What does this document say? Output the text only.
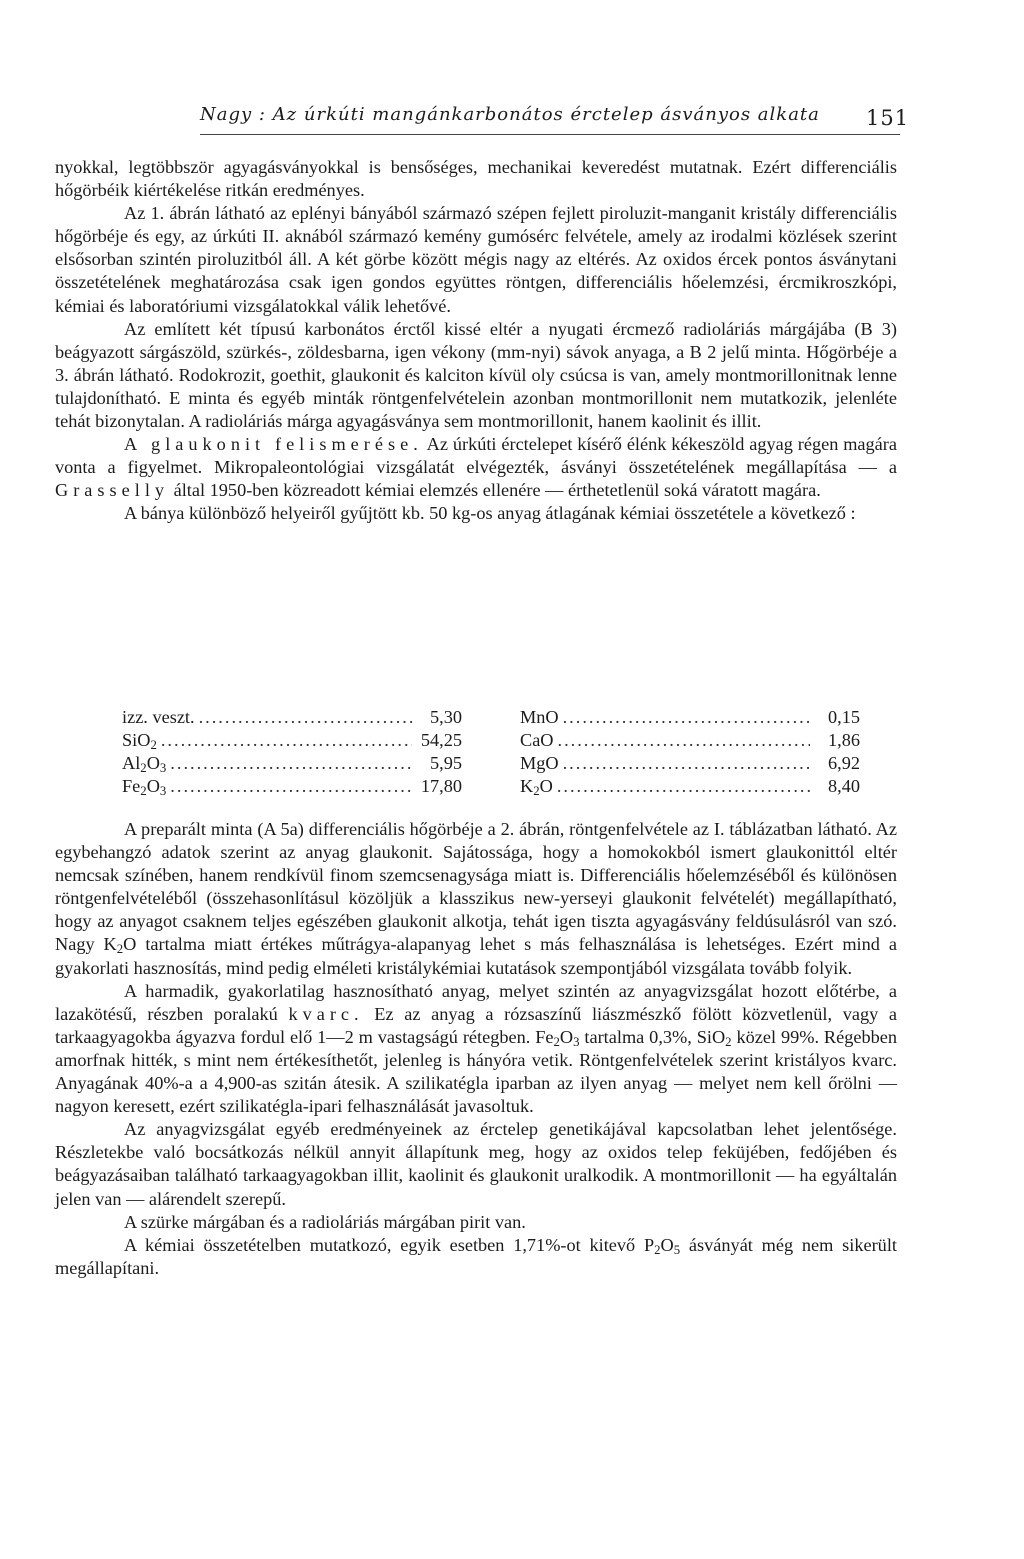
Nagy : Az úrkúti mangánkarbonátos érctelep ásványos alkata	151

nyokkal, legtöbbször agyagásványokkal is bensőséges, mechanikai keveredést mutatnak. Ezért differenciális hőgörbéik kiértékelése ritkán eredményes.

Az 1. ábrán látható az eplényi bányából származó szépen fejlett piroluzit-manganit kristály differenciális hőgörbéje és egy, az úrkúti II. aknából származó kemény gumósérc felvétele, amely az irodalmi közlések szerint elsősorban szintén piroluzitból áll. A két görbe között mégis nagy az eltérés. Az oxidos ércek pontos ásványtani összetételének meghatározása csak igen gondos együttes röntgen, differenciális hőelemzési, ércmikroszkópi, kémiai és laboratóriumi vizsgálatokkal válik lehetővé.

Az említett két típusú karbonátos érctől kissé eltér a nyugati ércmező radioláriás márgájába (B 3) beágyazott sárgászöld, szürkés-, zöldesbarna, igen vékony (mm-nyi) sávok anyaga, a B 2 jelű minta. Hőgörbéje a 3. ábrán látható. Rodokrozit, goethit, glaukonit és kalciton kívül oly csúcsa is van, amely montmorillonitnak lenne tulajdonítható. E minta és egyéb minták röntgenfelvételein azonban montmorillonit nem mutatkozik, jelenléte tehát bizonytalan. A radioláriás márga agyagásványa sem montmorillonit, hanem kaolinit és illit.

A glaukonit felismerése. Az úrkúti érctelepet kísérő élénk kékeszöld agyag régen magára vonta a figyelmet. Mikropaleontológiai vizsgálatát elvégezték, ásványi összetételének megállapítása — a Grasselly által 1950-ben közreadott kémiai elemzés ellenére — érthetetlenül soká váratott magára.

A bánya különböző helyeiről gyűjtött kb. 50 kg-os anyag átlagának kémiai összetétele a következő :

izz. veszt. .....	5,30	MnO .....	0,15
SiO$_2$ .....	54,25	CaO .....	1,86
$Al_2O_3$ .....	5,95	MgO .....	6,92
$Fe_2O_3$ .....	17,80	$K_2O$ .....	8,40

A preparált minta (A 5a) differenciális hőgörbéje a 2. ábrán, röntgenfelvétele az I. táblázatban látható. Az egybehangzó adatok szerint az anyag glaukonit. Sajátossága, hogy a homokokból ismert glaukonittól eltér nemcsak színében, hanem rendkívül finom szemcsenagysága miatt is. Differenciális hőelemzéséből és különösen röntgenfelvételéből (összehasonlításul közöljük a klasszikus new-yerseyi glaukonit felvételét) megállapítható, hogy az anyagot csaknem teljes egészében glaukonit alkotja, tehát igen tiszta agyagásvány feldúsulásról van szó. Nagy $K_2O$ tartalma miatt értékes műtrágya-alapanyag lehet s más felhasználása is lehetséges. Ezért mind a gyakorlati hasznosítás, mind pedig elméleti kristálykémiai kutatások szempontjából vizsgálata tovább folyik.

A harmadik, gyakorlatilag hasznosítható anyag, melyet szintén az anyagvizsgálat hozott előtérbe, a lazakötésű, részben poralakú kvarc. Ez az anyag a rózsaszínű liászmészkő fölött közvetlenül, vagy a tarkaagyagokba ágyazva fordul elő 1—2 m vastagságú rétegben. $Fe_2O_3$ tartalma 0,3%, SiO$_2$ közel 99%. Régebben amorfnak hitték, s mint nem értékesíthetőt, jelenleg is hányóra vetik. Röntgenfelvételek szerint kristályos kvarc. Anyagának 40%-a a 4,900-as szitán átesik. A szilikatégla iparban az ilyen anyag — melyet nem kell őrölni — nagyon keresett, ezért szilikatégla-ipari felhasználását javasoltuk.

Az anyagvizsgálat egyéb eredményeinek az érctelep genetikájával kapcsolatban lehet jelentősége. Részletekbe való bocsátkozás nélkül annyit állapítunk meg, hogy az oxidos telep feküjében, fedőjében és beágyazásaiban található tarkaagyagokban illit, kaolinit és glaukonit uralkodik. A montmorillonit — ha egyáltalán jelen van — alárendelt szerepű.

A szürke márgában és a radioláriás márgában pirit van.

A kémiai összetételben mutatkozó, egyik esetben 1,71%-ot kitevő $P_2O_5$ ásványát még nem sikerült megállapítani.
